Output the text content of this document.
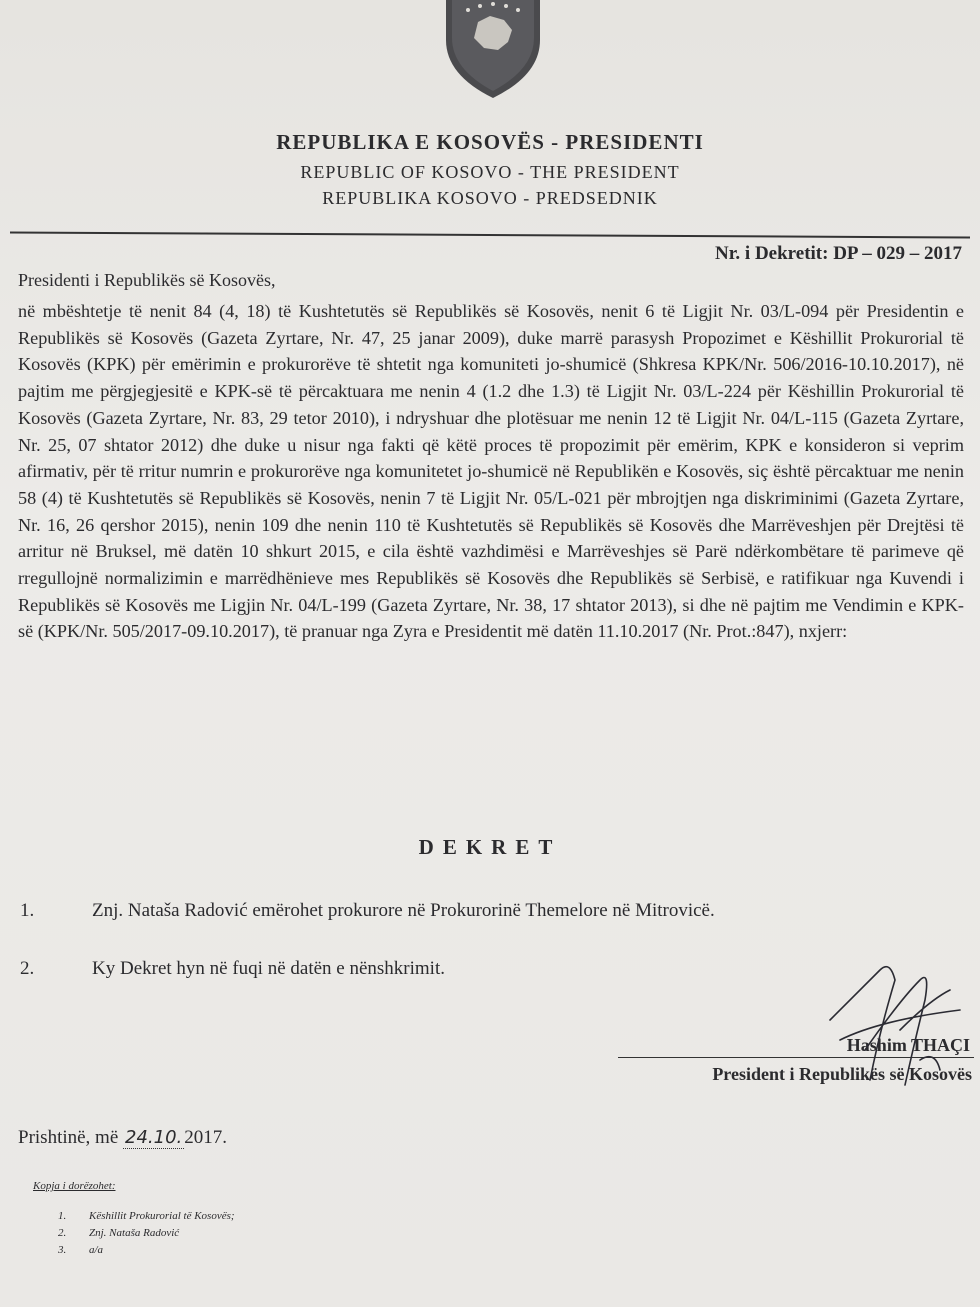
REPUBLIKA E KOSOVËS - PRESIDENTI
REPUBLIC OF KOSOVO - THE PRESIDENT
REPUBLIKA KOSOVO - PREDSEDNIK
Nr. i Dekretit: DP – 029 – 2017
Presidenti i Republikës së Kosovës,
në mbështetje të nenit 84 (4, 18) të Kushtetutës së Republikës së Kosovës, nenit 6 të Ligjit Nr. 03/L-094 për Presidentin e Republikës së Kosovës (Gazeta Zyrtare, Nr. 47, 25 janar 2009), duke marrë parasysh Propozimet e Këshillit Prokurorial të Kosovës (KPK) për emërimin e prokurorëve të shtetit nga komuniteti jo-shumicë (Shkresa KPK/Nr. 506/2016-10.10.2017), në pajtim me përgjegjesitë e KPK-së të përcaktuara me nenin 4 (1.2 dhe 1.3) të Ligjit Nr. 03/L-224 për Këshillin Prokurorial të Kosovës (Gazeta Zyrtare, Nr. 83, 29 tetor 2010), i ndryshuar dhe plotësuar me nenin 12 të Ligjit Nr. 04/L-115 (Gazeta Zyrtare, Nr. 25, 07 shtator 2012) dhe duke u nisur nga fakti që këtë proces të propozimit për emërim, KPK e konsideron si veprim afirmativ, për të rritur numrin e prokurorëve nga komunitetet jo-shumicë në Republikën e Kosovës, siç është përcaktuar me nenin 58 (4) të Kushtetutës së Republikës së Kosovës, nenin 7 të Ligjit Nr. 05/L-021 për mbrojtjen nga diskriminimi (Gazeta Zyrtare, Nr. 16, 26 qershor 2015), nenin 109 dhe nenin 110 të Kushtetutës së Republikës së Kosovës dhe Marrëveshjen për Drejtësi të arritur në Bruksel, më datën 10 shkurt 2015, e cila është vazhdimësi e Marrëveshjes së Parë ndërkombëtare të parimeve që rregullojnë normalizimin e marrëdhënieve mes Republikës së Kosovës dhe Republikës së Serbisë, e ratifikuar nga Kuvendi i Republikës së Kosovës me Ligjin Nr. 04/L-199 (Gazeta Zyrtare, Nr. 38, 17 shtator 2013), si dhe në pajtim me Vendimin e KPK-së (KPK/Nr. 505/2017-09.10.2017), të pranuar nga Zyra e Presidentit më datën 11.10.2017 (Nr. Prot.:847), nxjerr:
DEKRET
1.	Znj. Nataša Radović emërohet prokurore në Prokurorinë Themelore në Mitrovicë.
2.	Ky Dekret hyn në fuqi në datën e nënshkrimit.
Hashim THAÇI
President i Republikës së Kosovës
Prishtinë, më 24.10. 2017.
Kopja i dorëzohet:
1. Këshillit Prokurorial të Kosovës;
2. Znj. Nataša Radović
3. a/a
